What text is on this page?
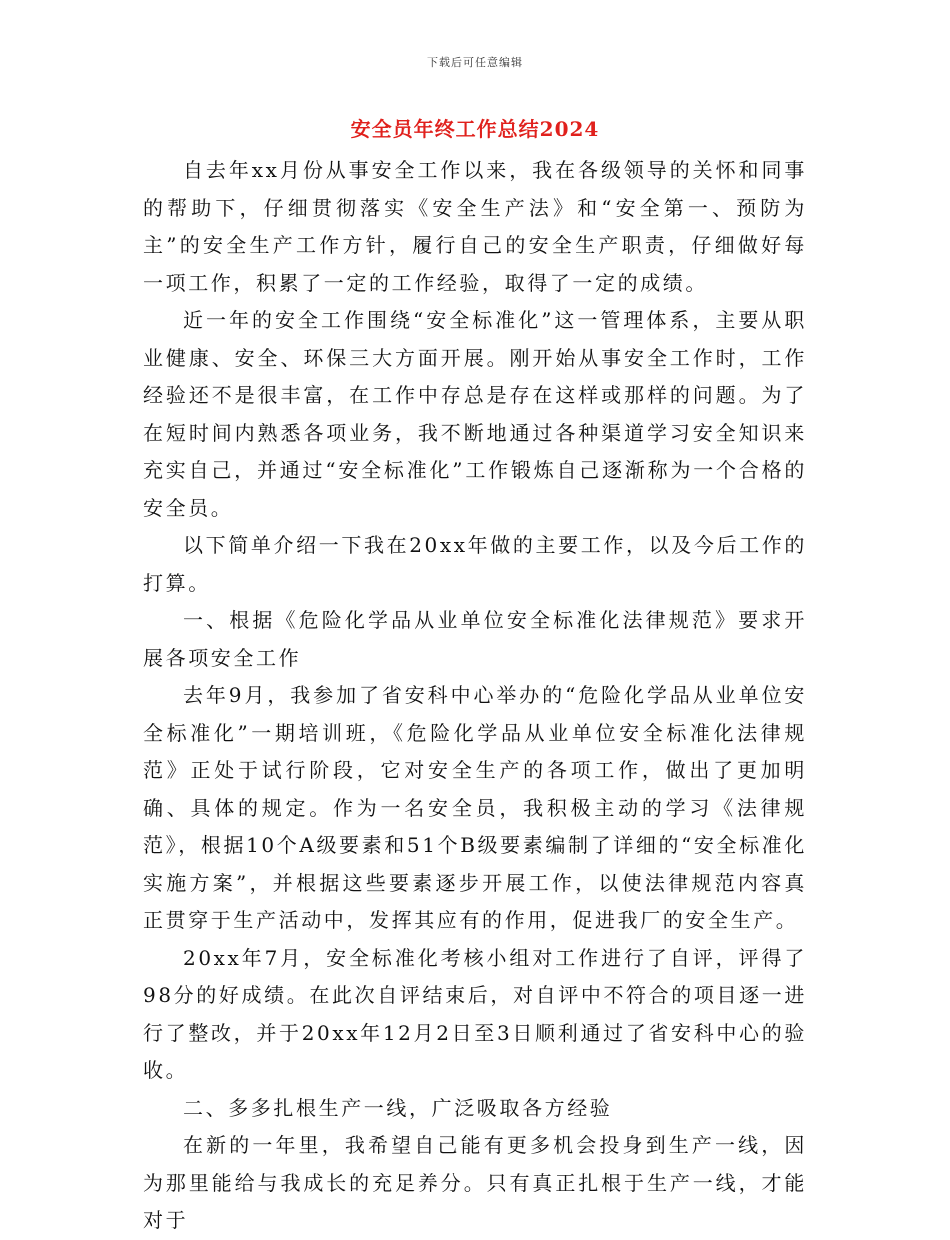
下载后可任意编辑
安全员年终工作总结2024

自去年xx月份从事安全工作以来，我在各级领导的关怀和同事的帮助下，仔细贯彻落实《安全生产法》和“安全第一、预防为主”的安全生产工作方针，履行自己的安全生产职责，仔细做好每一项工作，积累了一定的工作经验，取得了一定的成绩。

近一年的安全工作围绕“安全标准化”这一管理体系，主要从职业健康、安全、环保三大方面开展。刚开始从事安全工作时，工作经验还不是很丰富，在工作中存总是存在这样或那样的问题。为了在短时间内熟悉各项业务，我不断地通过各种渠道学习安全知识来充实自己，并通过“安全标准化”工作锻炼自己逐渐称为一个合格的安全员。

以下简单介绍一下我在20xx年做的主要工作，以及今后工作的打算。

一、根据《危险化学品从业单位安全标准化法律规范》要求开展各项安全工作

去年9月，我参加了省安科中心举办的“危险化学品从业单位安全标准化”一期培训班，《危险化学品从业单位安全标准化法律规范》正处于试行阶段，它对安全生产的各项工作，做出了更加明确、具体的规定。作为一名安全员，我积极主动的学习《法律规范》，根据10个A级要素和51个B级要素编制了详细的“安全标准化实施方案”，并根据这些要素逐步开展工作，以使法律规范内容真正贯穿于生产活动中，发挥其应有的作用，促进我厂的安全生产。

20xx年7月，安全标准化考核小组对工作进行了自评，评得了98分的好成绩。在此次自评结束后，对自评中不符合的项目逐一进行了整改，并于20xx年12月2日至3日顺利通过了省安科中心的验收。

二、多多扎根生产一线，广泛吸取各方经验

在新的一年里，我希望自己能有更多机会投身到生产一线，因为那里能给与我成长的充足养分。只有真正扎根于生产一线，才能对于
